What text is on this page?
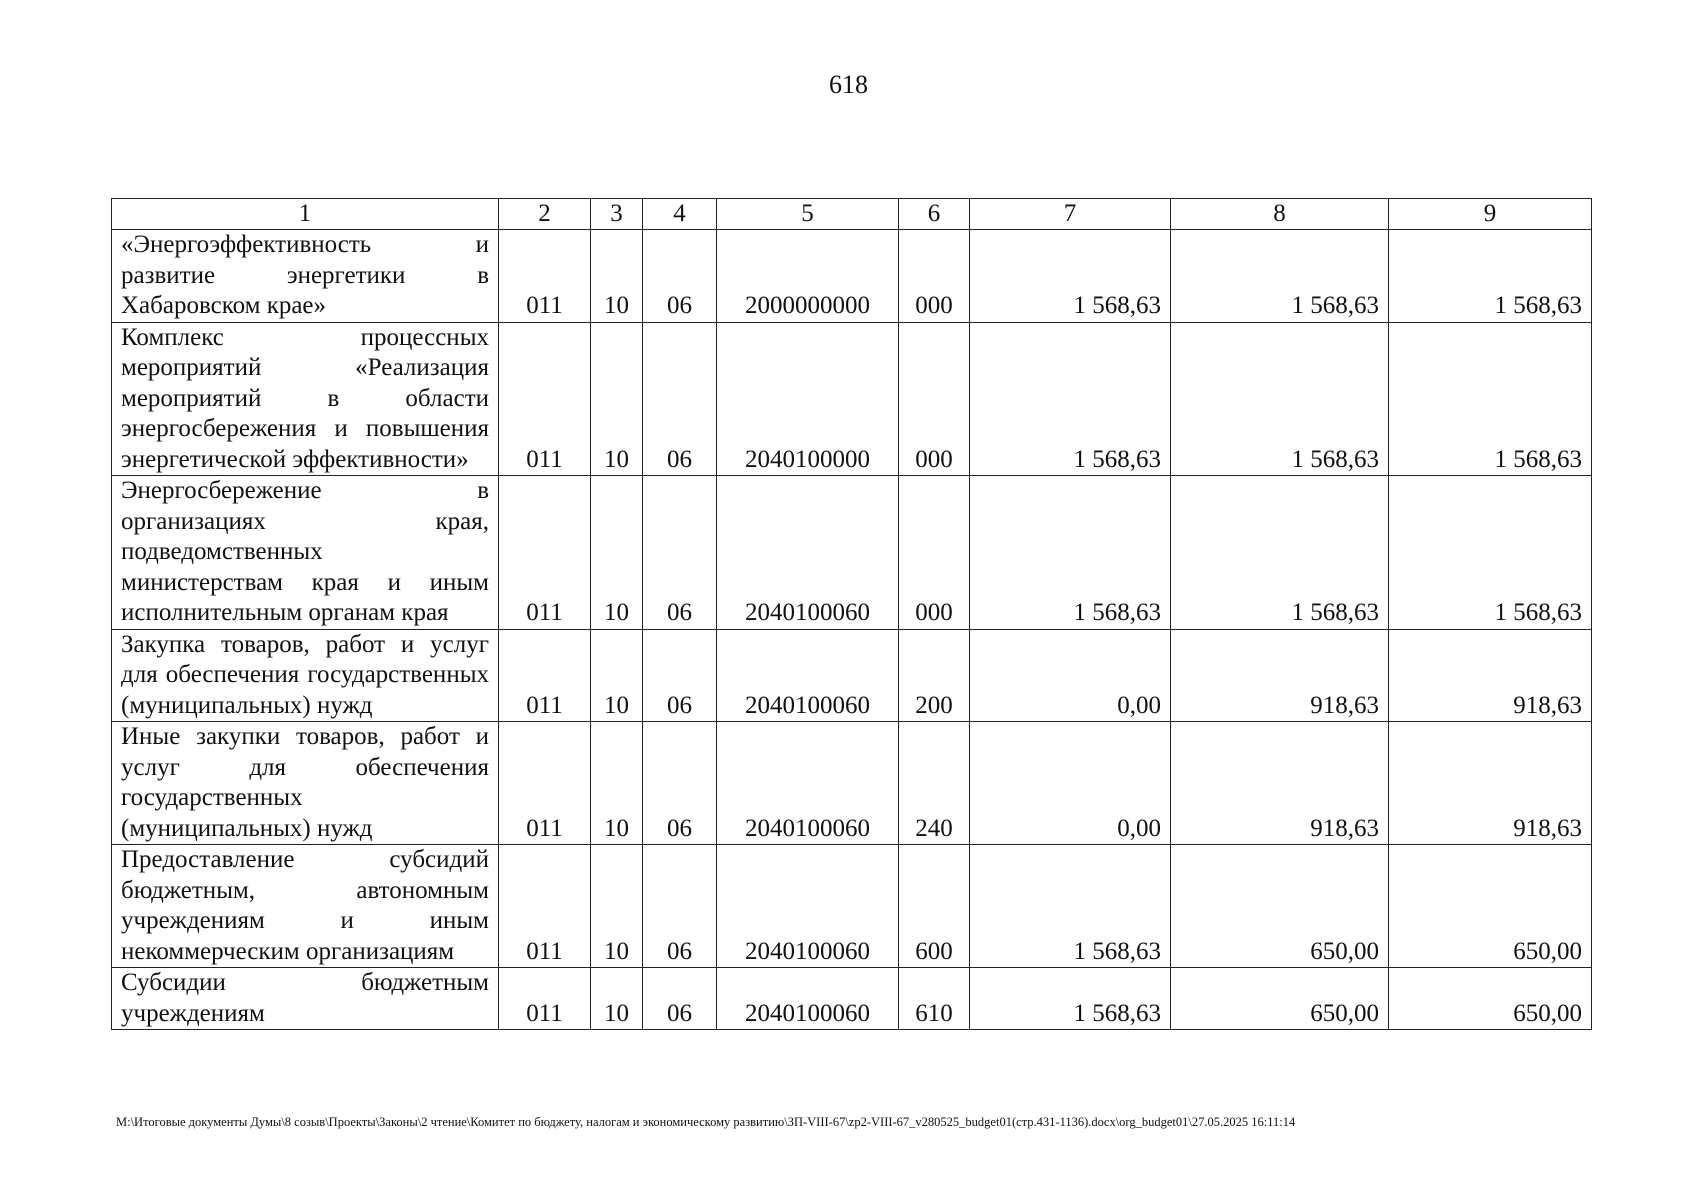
618
1	2	3	4	5	6	7	8	9
«Энергоэффективность и развитие энергетики в Хабаровском крае»	011	10	06	2000000000	000	1 568,63	1 568,63	1 568,63
Комплекс процессных мероприятий «Реализация мероприятий в области энергосбережения и повышения энергетической эффективности»	011	10	06	2040100000	000	1 568,63	1 568,63	1 568,63
Энергосбережение в организациях края, подведомственных министерствам края и иным исполнительным органам края	011	10	06	2040100060	000	1 568,63	1 568,63	1 568,63
Закупка товаров, работ и услуг для обеспечения государственных (муниципальных) нужд	011	10	06	2040100060	200	0,00	918,63	918,63
Иные закупки товаров, работ и услуг для обеспечения государственных (муниципальных) нужд	011	10	06	2040100060	240	0,00	918,63	918,63
Предоставление субсидий бюджетным, автономным учреждениям и иным некоммерческим организациям	011	10	06	2040100060	600	1 568,63	650,00	650,00
Субсидии бюджетным учреждениям	011	10	06	2040100060	610	1 568,63	650,00	650,00
M:\Итоговые документы Думы\8 созыв\Проекты\Законы\2 чтение\Комитет по бюджету, налогам и экономическому развитию\ЗП-VIII-67\zp2-VIII-67_v280525_budget01(стр.431-1136).docx\org_budget01\27.05.2025 16:11:14
